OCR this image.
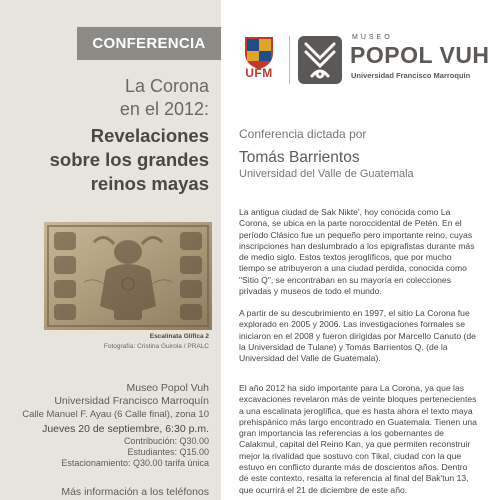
CONFERENCIA
La Corona
en el 2012:
Revelaciones
sobre los grandes
reinos mayas
Escalinata Glífica 2
Fotografía: Cristina Guirola / PRALC
Museo Popol Vuh
Universidad Francisco Marroquín
Calle Manuel F. Ayau (6 Calle final), zona 10
Jueves 20 de septiembre, 6:30 p.m.
Contribución: Q30.00
Estudiantes: Q15.00
Estacionamiento: Q30.00 tarifa única
Más información a los teléfonos
UFM
MUSEO
POPOL VUH
Universidad Francisco Marroquín
Conferencia dictada por
Tomás Barrientos
Universidad del Valle de Guatemala

La antigua ciudad de Sak Nikte', hoy conocida como La Corona, se ubica en la parte noroccidental de Petén. En el período Clásico fue un pequeño pero importante reino, cuyas inscripciones han deslumbrado a los epigrafistas durante más de medio siglo. Estos textos jeroglíficos, que por mucho tiempo se atribuyeron a una ciudad perdida, conocida como "Sitio Q", se encontraban en su mayoría en colecciones privadas y museos de todo el mundo.

A partir de su descubrimiento en 1997, el sitio La Corona fue explorado en 2005 y 2006. Las investigaciones formales se iniciaron en el 2008 y fueron dirigidas por Marcello Canuto (de la Universidad de Tulane) y Tomás Barrientos Q. (de la Universidad del Valle de Guatemala).

El año 2012 ha sido importante para La Corona, ya que las excavaciones revelaron más de veinte bloques pertenecientes a una escalinata jeroglífica, que es hasta ahora el texto maya prehispánico más largo encontrado en Guatemala. Tienen una gran importancia las referencias a los gobernantes de Calakmul, capital del Reino Kan, ya que permiten reconstruir mejor la rivalidad que sostuvo con Tikal, ciudad con la que estuvo en conflicto durante más de doscientos años. Dentro de este contexto, resalta la referencia al final del Bak'tun 13, que ocurrirá el 21 de diciembre de este año.
